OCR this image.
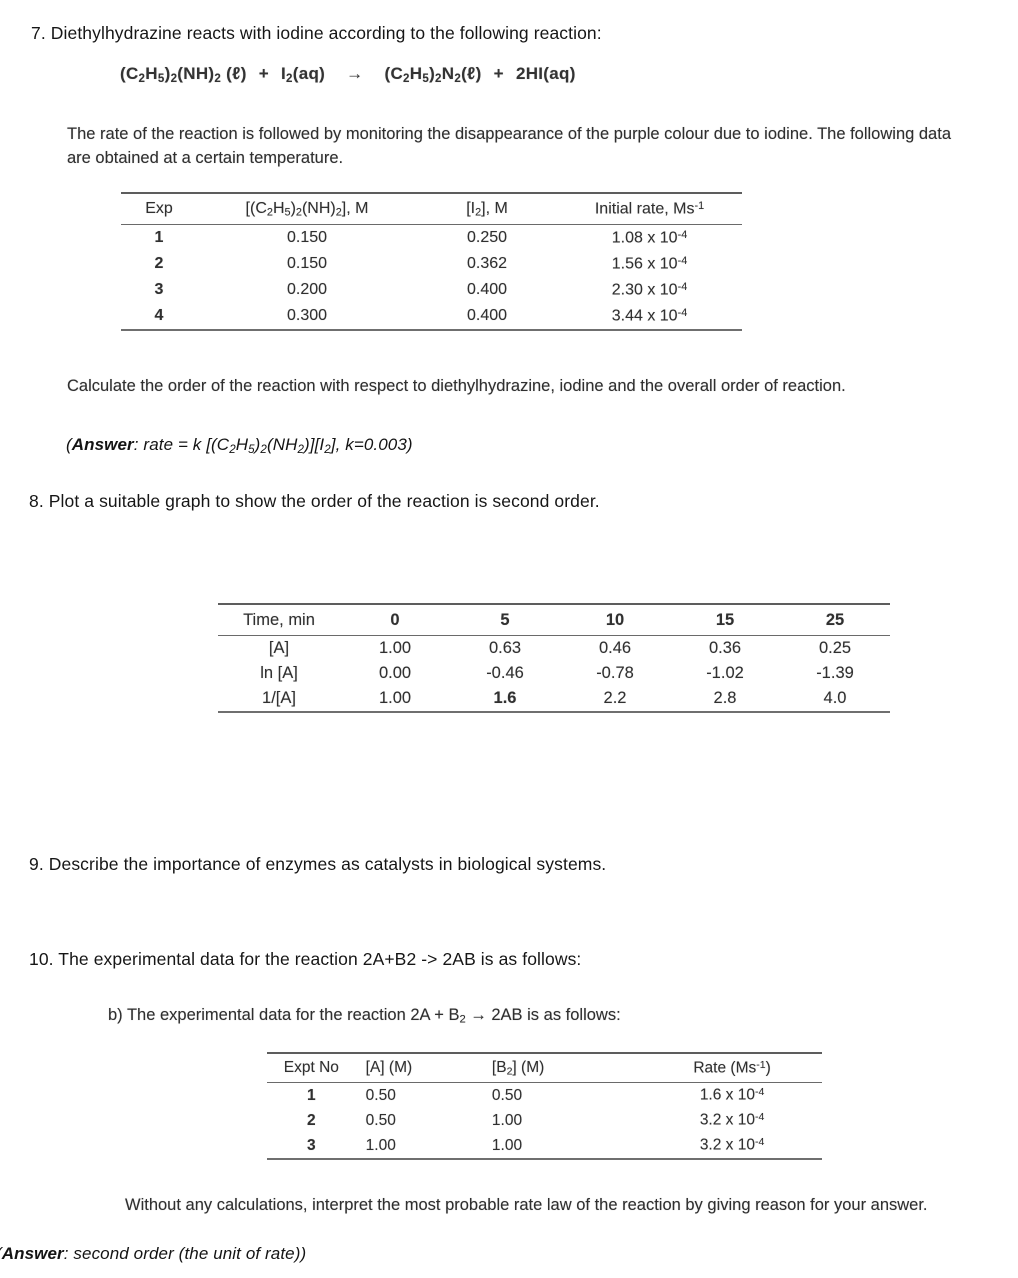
7. Diethylhydrazine reacts with iodine according to the following reaction:
$(C_2H_5)_2(NH)_2$ (ℓ) + $I_2(aq)$ → $(C_2H_5)_2N_2(\ell) + 2HI(aq)$
The rate of the reaction is followed by monitoring the disappearance of the purple colour due to iodine. The following data are obtained at a certain temperature.
Exp	$[(C_2H_5)_2(NH)_2]$, M	$[I_2]$, M	Initial rate, $Ms^{-1}$
1	0.150	0.250	1.08 x $10^{-4}$
2	0.150	0.362	1.56 x $10^{-4}$
3	0.200	0.400	2.30 x $10^{-4}$
4	0.300	0.400	3.44 x $10^{-4}$
Calculate the order of the reaction with respect to diethylhydrazine, iodine and the overall order of reaction.
(Answer: rate = k $[(C_2H_5)_2(NH_2)][I_2]$, k=0.003)
8. Plot a suitable graph to show the order of the reaction is second order.
Time, min	0	5	10	15	25
[A]	1.00	0.63	0.46	0.36	0.25
ln [A]	0.00	-0.46	-0.78	-1.02	-1.39
1/[A]	1.00	1.6	2.2	2.8	4.0
9. Describe the importance of enzymes as catalysts in biological systems.
10. The experimental data for the reaction 2A+B2 -> 2AB is as follows:
b) The experimental data for the reaction $2A + B_2 \to 2AB$ is as follows:
Expt No	[A] (M)	$[B_2]$ (M)	Rate $(Ms^{-1})$
1	0.50	0.50	1.6 x $10^{-4}$
2	0.50	1.00	3.2 x $10^{-4}$
3	1.00	1.00	3.2 x $10^{-4}$
Without any calculations, interpret the most probable rate law of the reaction by giving reason for your answer.
Answer: second order (the unit of rate))
